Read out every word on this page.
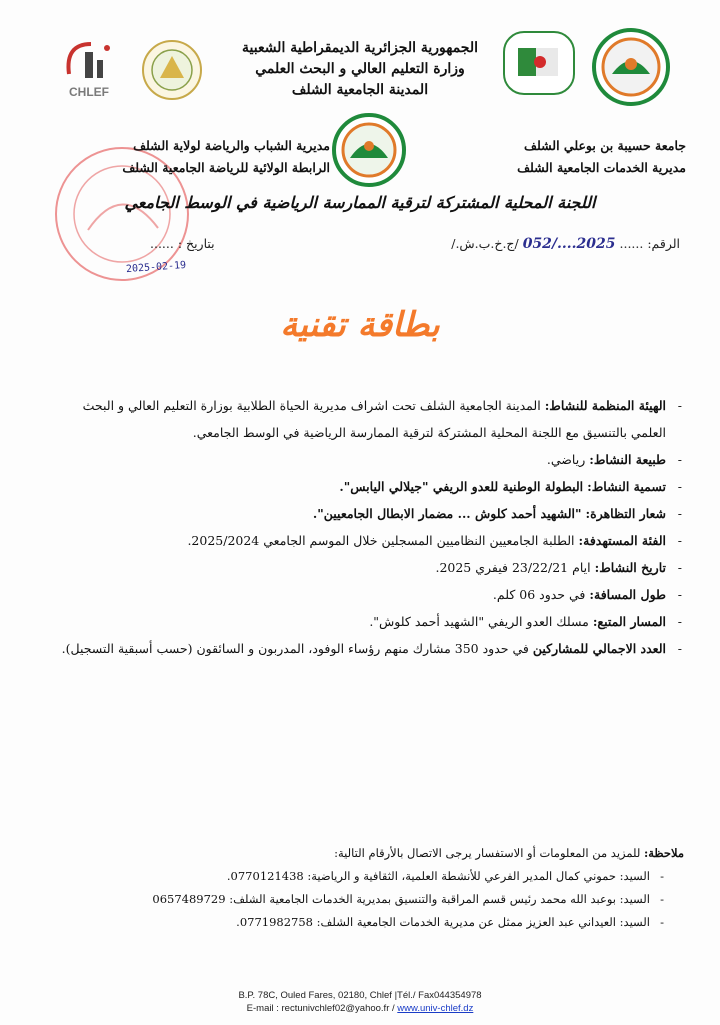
CHLEF
الجمهورية الجزائرية الديمقراطية الشعبية
وزارة التعليم العالي و البحث العلمي
المدينة الجامعية الشلف
جامعة حسيبة بن بوعلي الشلف
مديرية الخدمات الجامعية الشلف
مديرية الشباب والرياضة لولاية الشلف
الرابطة الولائية للرياضة الجامعية الشلف
اللجنة المحلية المشتركة لترقية الممارسة الرياضية في الوسط الجامعي
الرقم: ...... 2025..../052 /ج.خ.ب.ش./
بتاريخ : ......
2025-02-19
بطاقة تقنية
- الهيئة المنظمة للنشاط: المدينة الجامعية الشلف تحت اشراف مديرية الحياة الطلابية بوزارة التعليم العالي و البحث العلمي بالتنسيق مع اللجنة المحلية المشتركة لترقية الممارسة الرياضية في الوسط الجامعي.
- طبيعة النشاط: رياضي.
- تسمية النشاط: البطولة الوطنية للعدو الريفي "جيلالي اليابس".
- شعار التظاهرة: "الشهيد أحمد كلوش ... مضمار الابطال الجامعيين".
- الفئة المستهدفة: الطلبة الجامعيين النظاميين المسجلين خلال الموسم الجامعي 2025/2024.
- تاريخ النشاط: ايام 23/22/21 فيفري 2025.
- طول المسافة: في حدود 06 كلم.
- المسار المتبع: مسلك العدو الريفي "الشهيد أحمد كلوش".
- العدد الاجمالي للمشاركين في حدود 350 مشارك منهم رؤساء الوفود، المدربون و السائقون (حسب أسبقية التسجيل).
ملاحظة: للمزيد من المعلومات أو الاستفسار يرجى الاتصال بالأرقام التالية:
- السيد: حموني كمال المدير الفرعي للأنشطة العلمية، الثقافية و الرياضية: 0770121438.
- السيد: بوعبد الله محمد رئيس قسم المراقبة والتنسيق بمديرية الخدمات الجامعية الشلف: 0657489729
- السيد: العيداني عبد العزيز ممثل عن مديرية الخدمات الجامعية الشلف: 0771982758.
B.P. 78C, Ouled Fares, 02180, Chlef |Tél./ Fax044354978
E-mail : rectunivchlef02@yahoo.fr / www.univ-chlef.dz
